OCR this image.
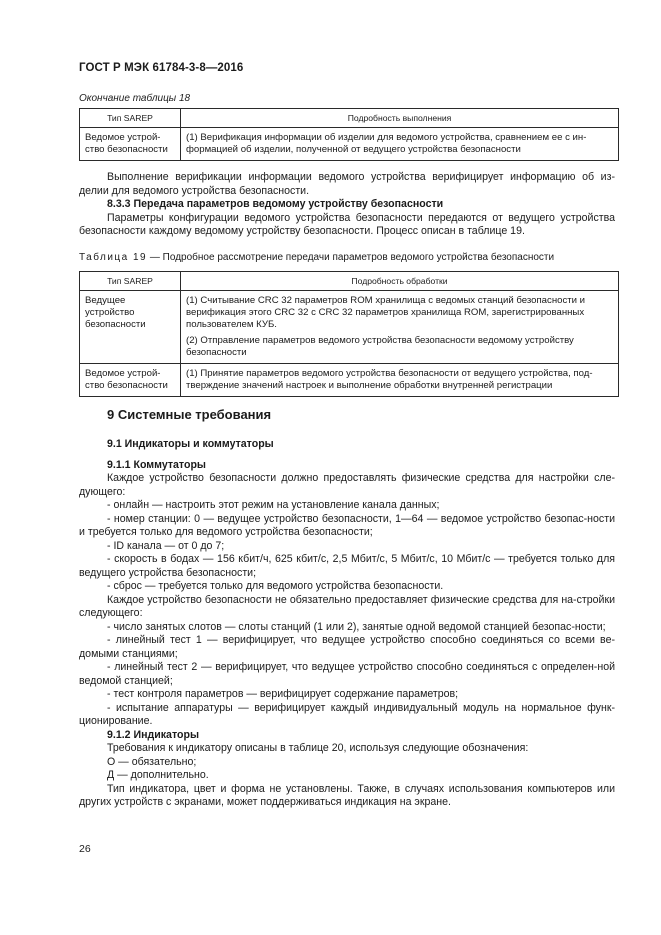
ГОСТ Р МЭК 61784-3-8—2016
Окончание таблицы 18
Тип SAREP	Подробность выполнения
Ведомое устрой-ство безопасности	(1) Верификация информации об изделии для ведомого устройства, сравнением ее с ин-формацией об изделии, полученной от ведущего устройства безопасности

Выполнение верификации информации ведомого устройства верифицирует информацию об из-делии для ведомого устройства безопасности.

8.3.3 Передача параметров ведомому устройству безопасности

Параметры конфигурации ведомого устройства безопасности передаются от ведущего устройства безопасности каждому ведомому устройству безопасности. Процесс описан в таблице 19.

Таблица 19 — Подробное рассмотрение передачи параметров ведомого устройства безопасности
Тип SAREP	Подробность обработки

Ведущее устройство безопасности	(1) Считывание CRC 32 параметров ROM хранилища с ведомых станций безопасности и верификация этого CRC 32 с CRC 32 параметров хранилища ROM, зарегистрированных пользователем КУБ.
(2) Отправление параметров ведомого устройства безопасности ведомому устройству безопасности

Ведомое устрой-ство безопасности	(1) Принятие параметров ведомого устройства безопасности от ведущего устройства, под-тверждение значений настроек и выполнение обработки внутренней регистрации
9 Системные требования

9.1 Индикаторы и коммутаторы

9.1.1 Коммутаторы

Каждое устройство безопасности должно предоставлять физические средства для настройки сле-дующего:

- онлайн — настроить этот режим на установление канала данных;

- номер станции: 0 — ведущее устройство безопасности, 1—64 — ведомое устройство безопас-ности и требуется только для ведомого устройства безопасности;

- ID канала — от 0 до 7;

- скорость в бодах — 156 кбит/ч, 625 кбит/с, 2,5 Мбит/с, 5 Мбит/с, 10 Мбит/с — требуется только для ведущего устройства безопасности;

- сброс — требуется только для ведомого устройства безопасности.

Каждое устройство безопасности не обязательно предоставляет физические средства для на-стройки следующего:

- число занятых слотов — слоты станций (1 или 2), занятые одной ведомой станцией безопас-ности;

- линейный тест 1 — верифицирует, что ведущее устройство способно соединяться со всеми ве-домыми станциями;

- линейный тест 2 — верифицирует, что ведущее устройство способно соединяться с определен-ной ведомой станцией;

- тест контроля параметров — верифицирует содержание параметров;

- испытание аппаратуры — верифицирует каждый индивидуальный модуль на нормальное функ-ционирование.

9.1.2 Индикаторы

Требования к индикатору описаны в таблице 20, используя следующие обозначения:

О — обязательно;

Д — дополнительно.

Тип индикатора, цвет и форма не установлены. Также, в случаях использования компьютеров или других устройств с экранами, может поддерживаться индикация на экране.

26
